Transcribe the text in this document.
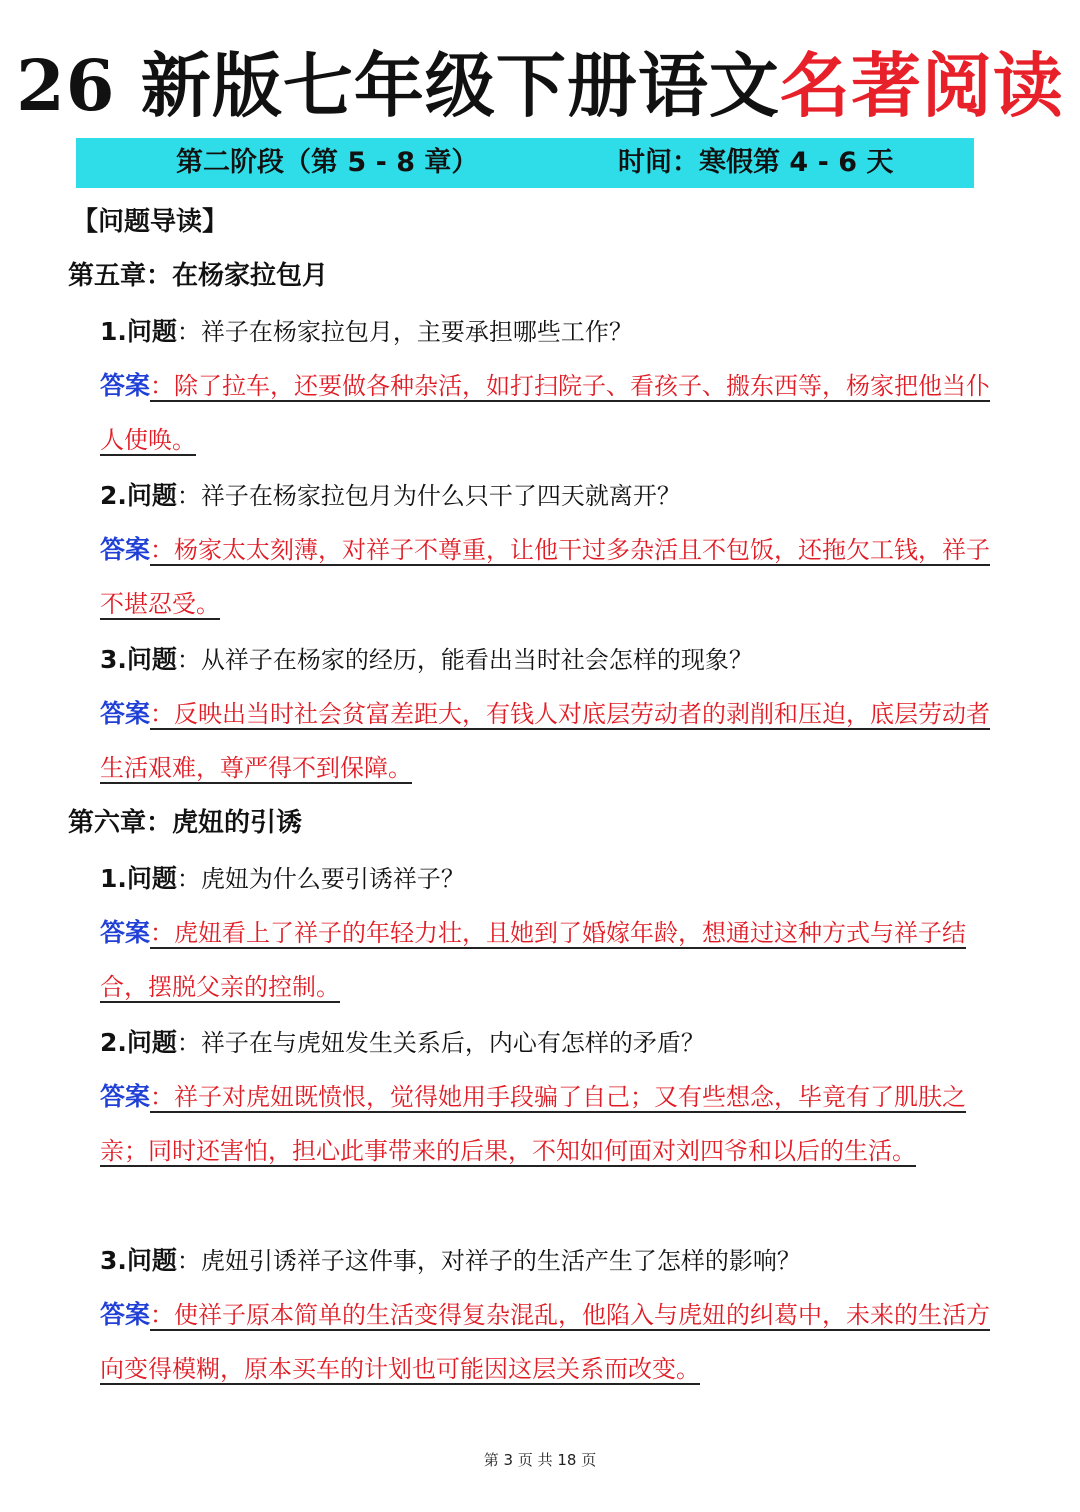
26 新版七年级下册语文名著阅读
第二阶段（第 5 - 8 章）	时间：寒假第 4 - 6 天
【问题导读】
第五章：在杨家拉包月
1.问题：祥子在杨家拉包月，主要承担哪些工作？
答案：除了拉车，还要做各种杂活，如打扫院子、看孩子、搬东西等，杨家把他当仆人使唤。
2.问题：祥子在杨家拉包月为什么只干了四天就离开？
答案：杨家太太刻薄，对祥子不尊重，让他干过多杂活且不包饭，还拖欠工钱，祥子不堪忍受。
3.问题：从祥子在杨家的经历，能看出当时社会怎样的现象？
答案：反映出当时社会贫富差距大，有钱人对底层劳动者的剥削和压迫，底层劳动者生活艰难，尊严得不到保障。
第六章：虎妞的引诱
1.问题：虎妞为什么要引诱祥子？
答案：虎妞看上了祥子的年轻力壮，且她到了婚嫁年龄，想通过这种方式与祥子结合，摆脱父亲的控制。
2.问题：祥子在与虎妞发生关系后，内心有怎样的矛盾？
答案：祥子对虎妞既愤恨，觉得她用手段骗了自己；又有些想念，毕竟有了肌肤之亲；同时还害怕，担心此事带来的后果，不知如何面对刘四爷和以后的生活。
3.问题：虎妞引诱祥子这件事，对祥子的生活产生了怎样的影响？
答案：使祥子原本简单的生活变得复杂混乱，他陷入与虎妞的纠葛中，未来的生活方向变得模糊，原本买车的计划也可能因这层关系而改变。
第 3 页 共 18 页
